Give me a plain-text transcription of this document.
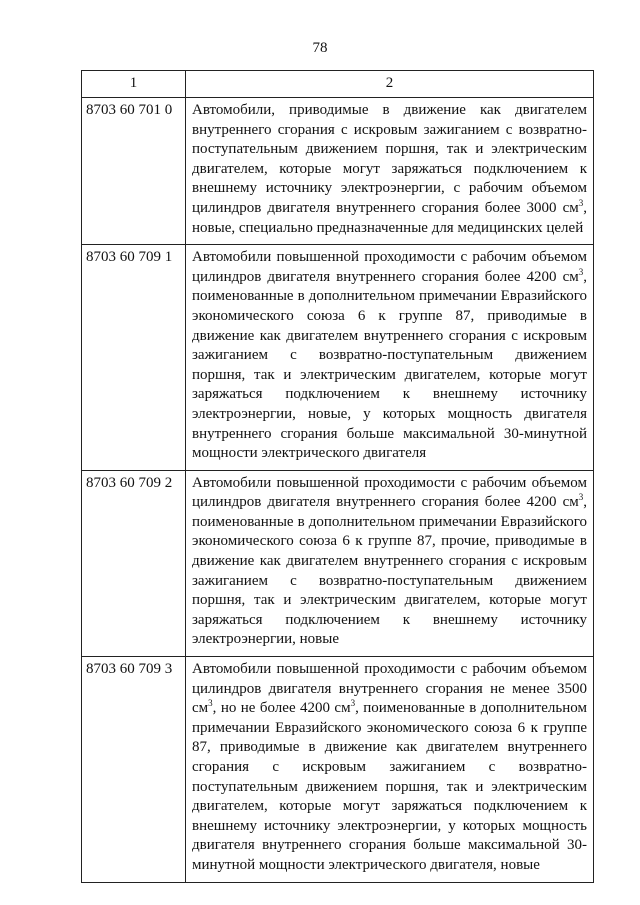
78
1	2
8703 60 701 0	Автомобили, приводимые в движение как двигателем внутреннего сгорания с искровым зажиганием с возвратно-поступательным движением поршня, так и электрическим двигателем, которые могут заряжаться подключением к внешнему источнику электроэнергии, с рабочим объемом цилиндров двигателя внутреннего сгорания более 3000 $см^3$, новые, специально предназначенные для медицинских целей
8703 60 709 1	Автомобили повышенной проходимости с рабочим объемом цилиндров двигателя внутреннего сгорания более 4200 $см^3$, поименованные в дополнительном примечании Евразийского экономического союза 6 к группе 87, приводимые в движение как двигателем внутреннего сгорания с искровым зажиганием с возвратно-поступательным движением поршня, так и электрическим двигателем, которые могут заряжаться подключением к внешнему источнику электроэнергии, новые, у которых мощность двигателя внутреннего сгорания больше максимальной 30-минутной мощности электрического двигателя
8703 60 709 2	Автомобили повышенной проходимости с рабочим объемом цилиндров двигателя внутреннего сгорания более 4200 $см^3$, поименованные в дополнительном примечании Евразийского экономического союза 6 к группе 87, прочие, приводимые в движение как двигателем внутреннего сгорания с искровым зажиганием с возвратно-поступательным движением поршня, так и электрическим двигателем, которые могут заряжаться подключением к внешнему источнику электроэнергии, новые
8703 60 709 3	Автомобили повышенной проходимости с рабочим объемом цилиндров двигателя внутреннего сгорания не менее 3500 $см^3$, но не более 4200 $см^3$, поименованные в дополнительном примечании Евразийского экономического союза 6 к группе 87, приводимые в движение как двигателем внутреннего сгорания с искровым зажиганием с возвратно-поступательным движением поршня, так и электрическим двигателем, которые могут заряжаться подключением к внешнему источнику электроэнергии, у которых мощность двигателя внутреннего сгорания больше максимальной 30-минутной мощности электрического двигателя, новые
